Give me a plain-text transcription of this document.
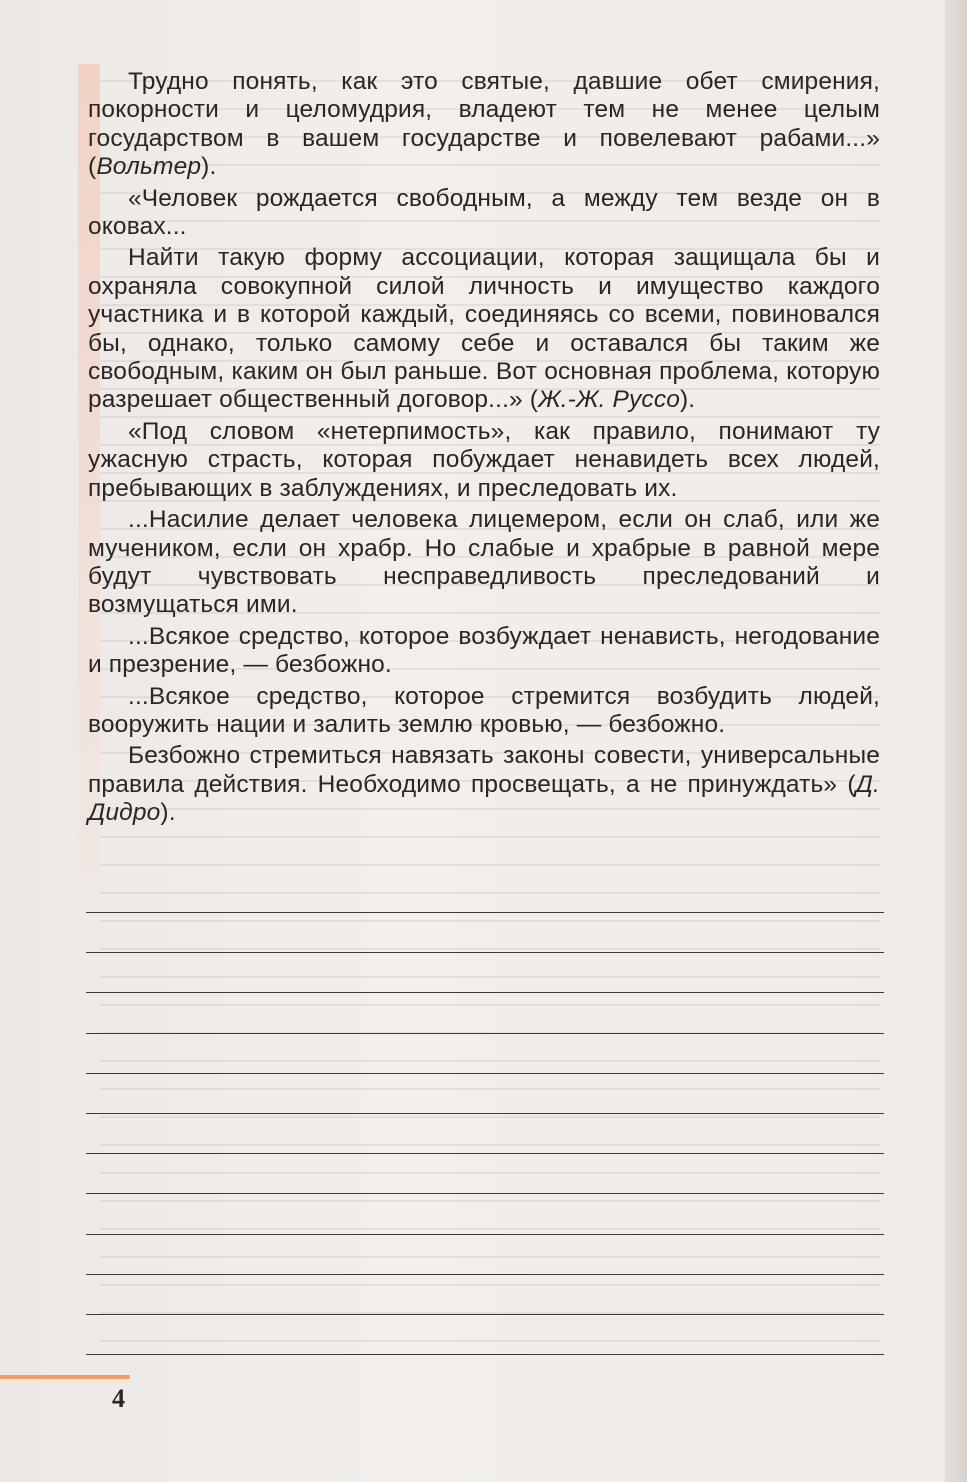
Трудно понять, как это святые, давшие обет смирения, покорности и целомудрия, владеют тем не менее целым государством в вашем государстве и повелевают рабами...» (Вольтер).

«Человек рождается свободным, а между тем везде он в оковах...

Найти такую форму ассоциации, которая защищала бы и охраняла совокупной силой личность и имущество каждого участника и в которой каждый, соединяясь со всеми, повиновался бы, однако, только самому себе и оставался бы таким же свободным, каким он был раньше. Вот основная проблема, которую разрешает общественный договор...» (Ж.-Ж. Руссо).

«Под словом «нетерпимость», как правило, понимают ту ужасную страсть, которая побуждает ненавидеть всех людей, пребывающих в заблуждениях, и преследовать их.

...Насилие делает человека лицемером, если он слаб, или же мучеником, если он храбр. Но слабые и храбрые в равной мере будут чувствовать несправедливость преследований и возмущаться ими.

...Всякое средство, которое возбуждает ненависть, негодование и презрение, — безбожно.

...Всякое средство, которое стремится возбудить людей, вооружить нации и залить землю кровью, — безбожно.

Безбожно стремиться навязать законы совести, универсальные правила действия. Необходимо просвещать, а не принуждать» (Д. Дидро).

4
